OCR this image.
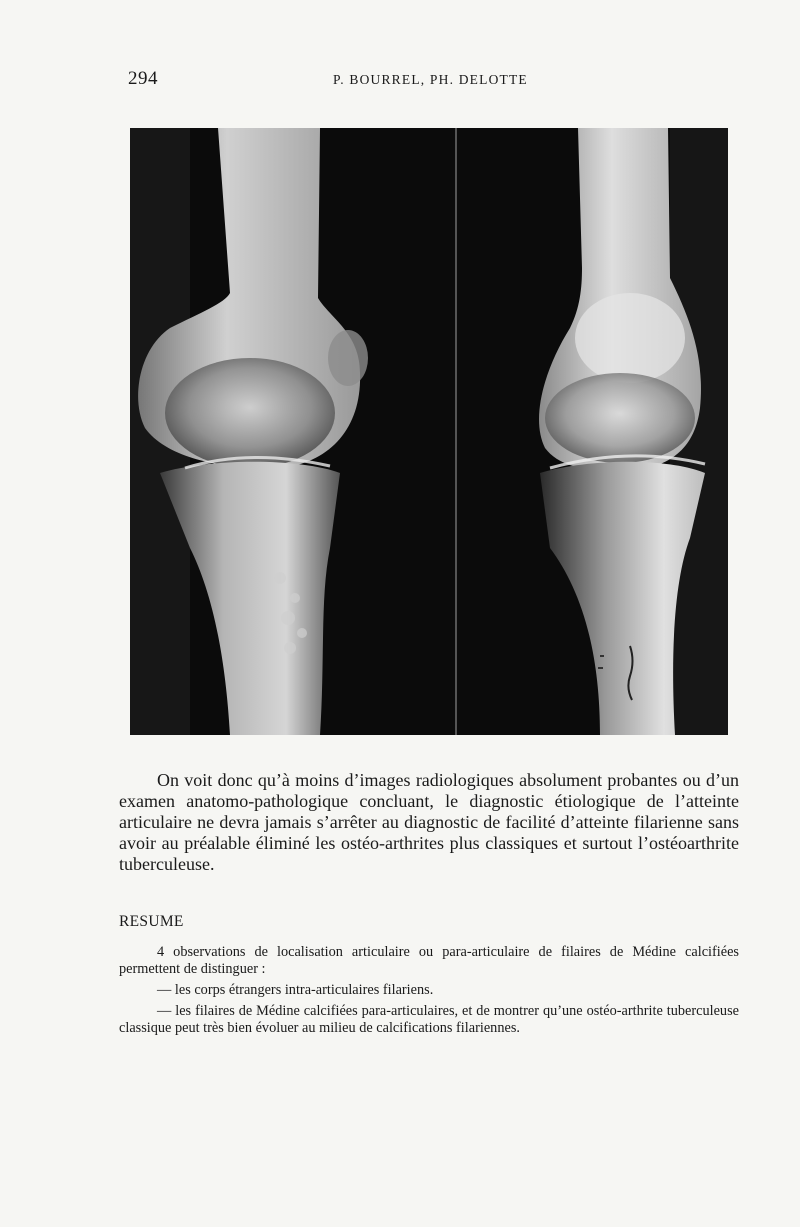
294	P. BOURREL, PH. DELOTTE

On voit donc qu’à moins d’images radiologiques absolument probantes ou d’un examen anatomo-pathologique concluant, le diagnostic étiologique de l’atteinte articulaire ne devra jamais s’arrêter au diagnostic de facilité d’atteinte filarienne sans avoir au préalable éliminé les ostéo-arthrites plus classiques et surtout l’ostéoarthrite tuberculeuse.

RESUME

4 observations de localisation articulaire ou para-articulaire de filaires de Médine calcifiées permettent de distinguer :

— les corps étrangers intra-articulaires filariens.

— les filaires de Médine calcifiées para-articulaires, et de montrer qu’une ostéo-arthrite tuberculeuse classique peut très bien évoluer au milieu de calcifications filariennes.
